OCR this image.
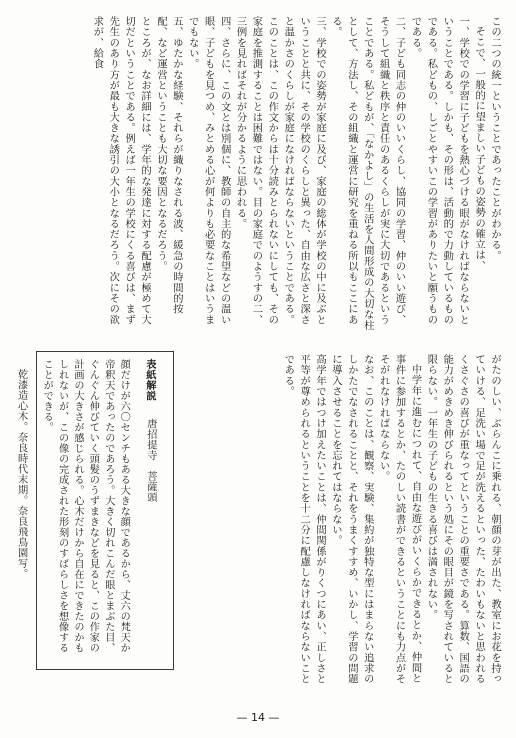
この二つの統一ということであったことがわかる。

そこで、一般的に望ましい子どもの姿勢の確立は、

一、学校での学習に子どもを熱心づける眼がなければならないということである。しかも、その形は、活動的で力動しているものである。私どもの、しごとやすいこの学習がありたいと願うものである。

二、子ども同志の仲のいいくらし、協同の学習、仲のいい遊び、そうして組織と秩序と責任のあるくらしが実に大切であるということである。私どもが、「なかよし」の生活を人間形成の大切な柱として、方法し、その組織と運営に研究を重ねる所以もここにある。

三、学校での姿勢が家庭に及び、家庭の総体が学校の中に及ぶということと共に、その学校のくらしと異った、自由な広さと深さと温かさのくらしが家庭になければならないということである。このことは、この作文からは十分読みとられないにしても、その家庭を推測することは困難ではない。目の家庭でのようすの二、三例を見ればそれが分かるように思われる。

四、さらに、この文とは別個に、教師の自主的な希望などの温い眼、子どもを見つめ、みとめる心が何よりも必要なことはいうまでもない。

五、ゆたかな経験、それらが織りなされる波、緩急の時間的按配、など運営ということも大切な要因となるだろう。

ところが、なお詳細には、学年的な発達に対する配慮が極めて大切だということである。例えば一年生の学校にくる喜びは、まず先生のあり方が最も大きな誘引の大小となるだろう。次にその欲求が、給食

がたのしい、ぶらんこに乗れる、朝顔の芽が出た、教室にお花を持っていける、足洗い場で足が洗えるといった、たわいもないと思われるくさぐさの喜びが重なってということの重要さである。算数、国語の能力がめきめき伸びられるという処にその眼目が鏡を写されていると限らない。一年生の子どもの生きる喜びは満されない。

中学年に進むにつれて、自由な遊びがいくらかできるとか、仲間と事件に参加するとか、たのしい読書ができるということにも力点がそそがれなければならない。

なお、このことは、観察、実験、集約が独特な型にはまらない追求のしかたでなされることと、それをうまくすすめ、いかし、学習の問題に導入させることを忘れてはならない。

高学年ではつけ加えたいことは、仲間関係がりくつにあい、正しさと平等が尊められるということを十二分に配慮しなければならないことである。

表紙解説 　 唐招提寺　菩薩頭

顔だけが六〇センチもある大きな顔であるから、丈六の梵天か帝釈天であったのであろう。大きく切れこんだ眼とまぶた目、ぐんぐん伸びていく頭髪のうずまきなどを見ると、この作家の計画の大きさが感じられる。心木だけから自在にできたのかもしれないが、この像の完成された形刻のすばらしさを想像することができる。

乾漆造心木。奈良時代末期。奈良飛鳥園写。

— 14 —
